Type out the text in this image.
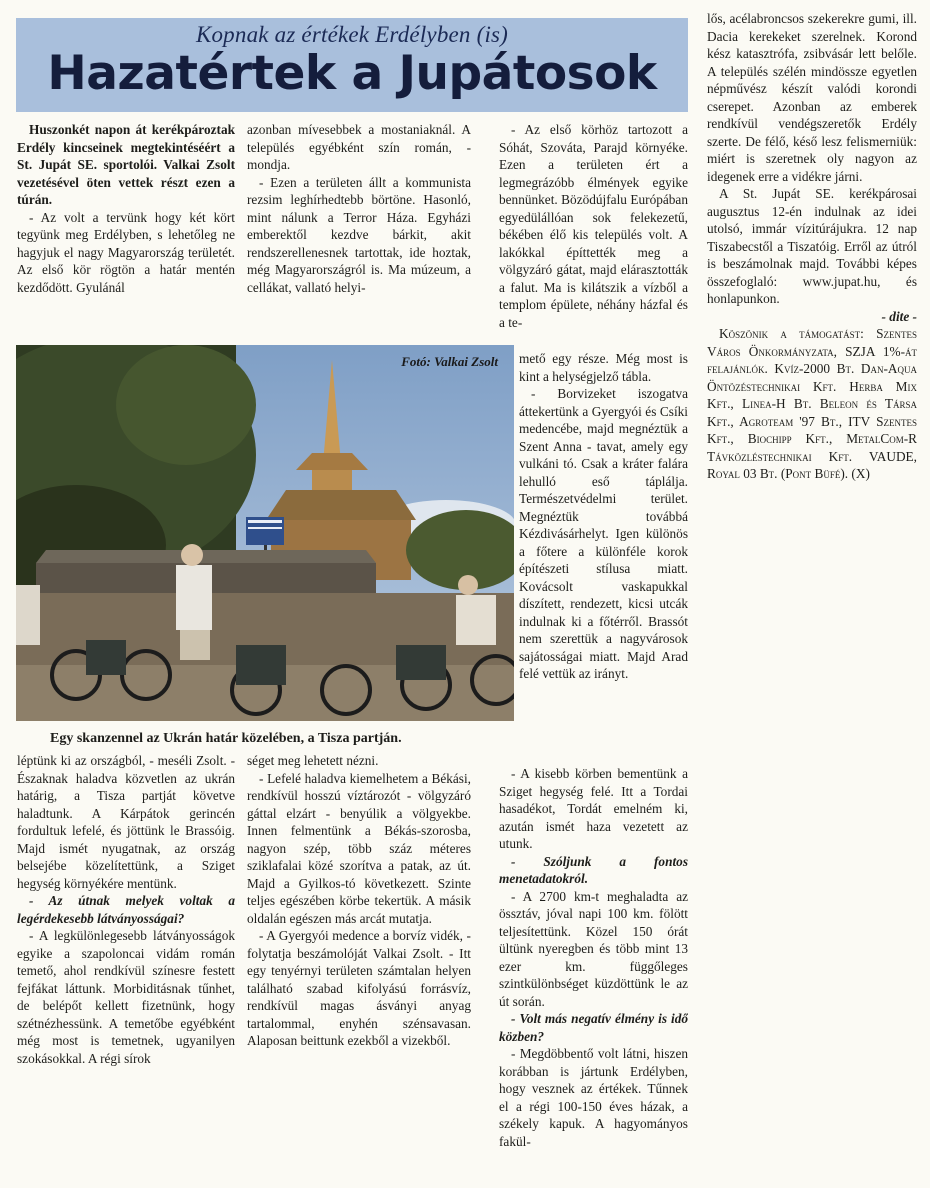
Kopnak az értékek Erdélyben (is)
Hazatértek a Jupátosok

Huszonkét napon át kerékpároztak Erdély kincseinek megtekintéséért a St. Jupát SE. sportolói. Valkai Zsolt vezetésével öten vettek részt ezen a túrán.

- Az volt a tervünk hogy két kört tegyünk meg Erdélyben, s lehetőleg ne hagyjuk el nagy Magyarország területét. Az első kör rögtön a határ mentén kezdődött. Gyulánál

azonban mívesebbek a mostaniaknál. A település egyébként szín román, - mondja.

- Ezen a területen állt a kommunista rezsim leghírhedtebb börtöne. Hasonló, mint nálunk a Terror Háza. Egyházi emberektől kezdve bárkit, akit rendszerellenesnek tartottak, ide hoztak, még Magyarországról is. Ma múzeum, a cellákat, vallató helyi-

- Az első körhöz tartozott a Sóhát, Szováta, Parajd környéke. Ezen a területen ért a legmegrázóbb élmények egyike bennünket. Bözödújfalu Európában egyedülállóan sok felekezetű, békében élő kis település volt. A lakókkal építtették meg a völgyzáró gátat, majd elárasztották a falut. Ma is kilátszik a vízből a templom épülete, néhány házfal és a te-

mető egy része. Még most is kint a helységjelző tábla.

- Borvizeket iszogatva áttekertünk a Gyergyói és Csíki medencébe, majd megnéztük a Szent Anna - tavat, amely egy vulkáni tó. Csak a kráter falára lehulló eső táplálja. Természetvédelmi terület. Megnéztük továbbá Kézdivásárhelyt. Igen különös a főtere a különféle korok építészeti stílusa miatt. Kovácsolt vaskapukkal díszített, rendezett, kicsi utcák indulnak ki a főtérről. Brassót nem szerettük a nagyvárosok sajátosságai miatt. Majd Arad felé vettük az irányt.

- A kisebb körben bementünk a Sziget hegység felé. Itt a Tordai hasadékot, Tordát emelném ki, azután ismét haza vezetett az utunk.

- Szóljunk a fontos menetadatokról.

- A 2700 km-t meghaladta az össztáv, jóval napi 100 km. fölött teljesítettünk. Közel 150 órát ültünk nyeregben és több mint 13 ezer km. függőleges szintkülönbséget küzdöttünk le az út során.

- Volt más negatív élmény is idő közben?

- Megdöbbentő volt látni, hiszen korábban is jártunk Erdélyben, hogy vesznek az értékek. Tűnnek el a régi 100-150 éves házak, a székely kapuk. A hagyományos fakül-

lős, acélabroncsos szekerekre gumi, ill. Dacia kerekeket szerelnek. Korond kész katasztrófa, zsibvásár lett belőle. A település szélén mindössze egyetlen népművész készít valódi korondi cserepet. Azonban az emberek rendkívül vendégszeretők Erdély szerte. De félő, késő lesz felismerniük: miért is szeretnek oly nagyon az idegenek erre a vidékre járni.

A St. Jupát SE. kerékpárosai augusztus 12-én indulnak az idei utolsó, immár vízitúrájukra. 12 nap Tiszabecstől a Tiszatóig. Erről az útról is beszámolnak majd. További képes összefoglaló: www.jupat.hu, és honlapunkon.

- dite -

Köszönik a támogatást: Szentes Város Önkormányzata, SZJA 1%-át felajánlók. Kvíz-2000 Bt. Dan-Aqua Öntözéstechnikai Kft. Herba Mix Kft., Linea-H Bt. Beleon és Társa Kft., Agroteam '97 Bt., ITV Szentes Kft., Biochipp Kft., MetalCom-R Távközléstechnikai Kft. VAUDE, Royal 03 Bt. (Pont Büfé). (X)

Fotó: Valkai Zsolt
Egy skanzennel az Ukrán határ közelében, a Tisza partján.

léptünk ki az országból, - meséli Zsolt. - Északnak haladva közvetlen az ukrán határig, a Tisza partját követve haladtunk. A Kárpátok gerincén fordultuk lefelé, és jöttünk le Brassóig. Majd ismét nyugatnak, az ország belsejébe közelítettünk, a Sziget hegység környékére mentünk.

- Az útnak melyek voltak a legérdekesebb látványosságai?

- A legkülönlegesebb látványosságok egyike a szapoloncai vidám román temető, ahol rendkívül színesre festett fejfákat láttunk. Morbiditásnak tűnhet, de belépőt kellett fizetnünk, hogy szétnézhessünk. A temetőbe egyébként még most is temetnek, ugyanilyen szokásokkal. A régi sírok

séget meg lehetett nézni.

- Lefelé haladva kiemelhetem a Békási, rendkívül hosszú víztározót - völgyzáró gáttal elzárt - benyúlik a völgyekbe. Innen felmentünk a Békás-szorosba, nagyon szép, több száz méteres sziklafalai közé szorítva a patak, az út. Majd a Gyilkos-tó következett. Szinte teljes egészében körbe tekertük. A másik oldalán egészen más arcát mutatja.

- A Gyergyói medence a borvíz vidék, - folytatja beszámolóját Valkai Zsolt. - Itt egy tenyérnyi területen számtalan helyen található szabad kifolyású forrásvíz, rendkívül magas ásványi anyag tartalommal, enyhén szénsavasan. Alaposan beittunk ezekből a vizekből.
